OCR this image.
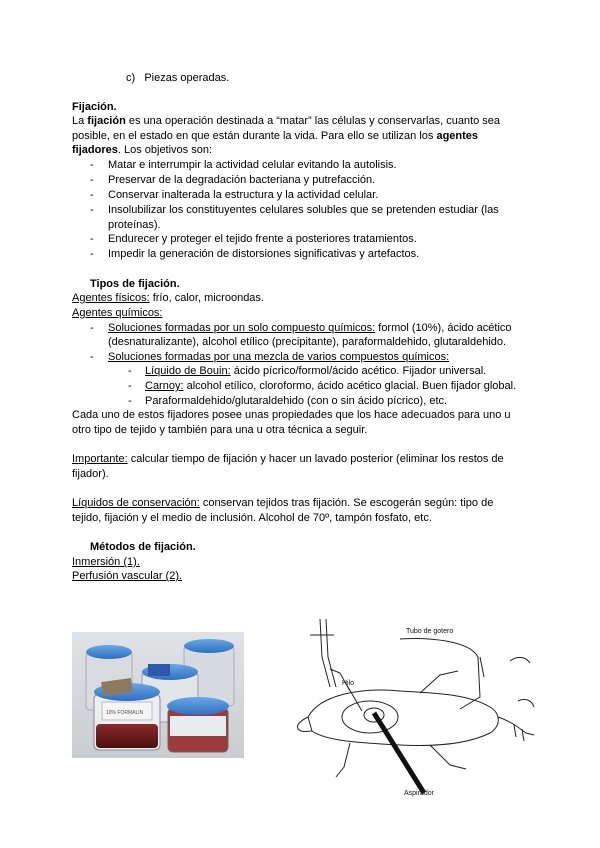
c) Piezas operadas.
Fijación.
La fijación es una operación destinada a “matar” las células y conservarlas, cuanto sea
posible, en el estado en que están durante la vida. Para ello se utilizan los agentes
fijadores. Los objetivos son:
- Matar e interrumpir la actividad celular evitando la autolisis.
- Preservar de la degradación bacteriana y putrefacción.
- Conservar inalterada la estructura y la actividad celular.
- Insolubilizar los constituyentes celulares solubles que se pretenden estudiar (las
proteínas).
- Endurecer y proteger el tejido frente a posteriores tratamientos.
- Impedir la generación de distorsiones significativas y artefactos.
Tipos de fijación.
Agentes físicos: frío, calor, microondas.
Agentes químicos:
- Soluciones formadas por un solo compuesto químicos: formol (10%), ácido acético
(desnaturalizante), alcohol etílico (precipitante), paraformaldehido, glutaraldehido.
- Soluciones formadas por una mezcla de varios compuestos químicos:
- Líquido de Bouin: ácido pícrico/formol/ácido acético. Fijador universal.
- Carnoy: alcohol etílico, cloroformo, ácido acético glacial. Buen fijador global.
- Paraformaldehido/glutaraldehido (con o sin ácido pícrico), etc.
Cada uno de estos fijadores posee unas propiedades que los hace adecuados para uno u
otro tipo de tejido y también para una u otra técnica a seguir.
Importante: calcular tiempo de fijación y hacer un lavado posterior (eliminar los restos de
fijador).
Líquidos de conservación: conservan tejidos tras fijación. Se escogerán según: tipo de
tejido, fijación y el medio de inclusión. Alcohol de 70º, tampón fosfato, etc.
Métodos de fijación.
Inmersión (1).
Perfusión vascular (2).
10% FORMALIN
Tubo de gotero
Hilo
Aspirador
